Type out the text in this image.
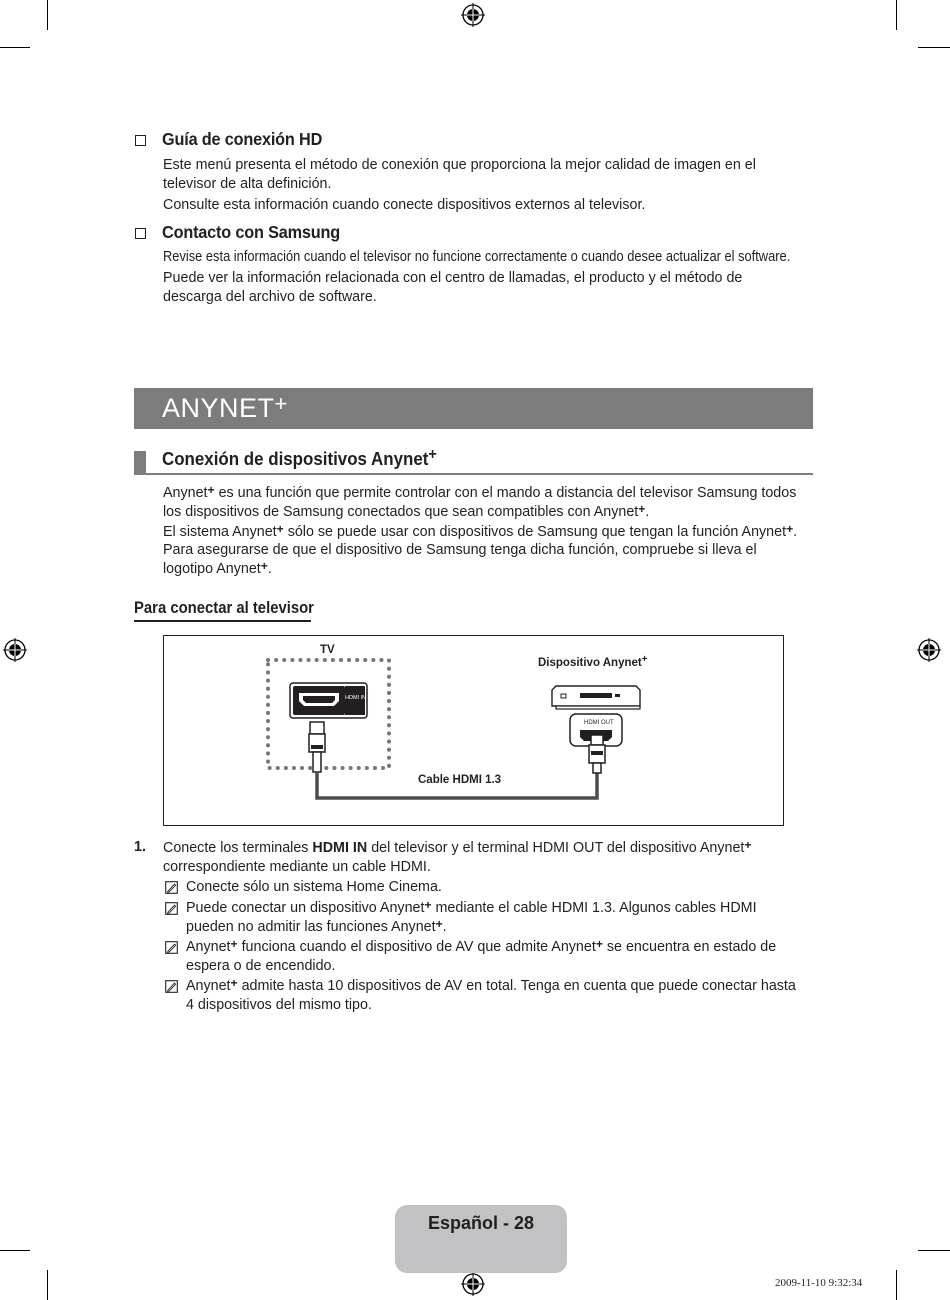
Guía de conexión HD
Este menú presenta el método de conexión que proporciona la mejor calidad de imagen en el
televisor de alta definición.
Consulte esta información cuando conecte dispositivos externos al televisor.
Contacto con Samsung
Revise esta información cuando el televisor no funcione correctamente o cuando desee actualizar el software.
Puede ver la información relacionada con el centro de llamadas, el producto y el método de
descarga del archivo de software.
ANYNET+
Conexión de dispositivos Anynet+
Anynet+ es una función que permite controlar con el mando a distancia del televisor Samsung todos
los dispositivos de Samsung conectados que sean compatibles con Anynet+.
El sistema Anynet+ sólo se puede usar con dispositivos de Samsung que tengan la función Anynet+.
Para asegurarse de que el dispositivo de Samsung tenga dicha función, compruebe si lleva el
logotipo Anynet+.
Para conectar al televisor
TV
Dispositivo Anynet+
HDMI IN
HDMI OUT
Cable HDMI 1.3
1. Conecte los terminales HDMI IN del televisor y el terminal HDMI OUT del dispositivo Anynet+
correspondiente mediante un cable HDMI.
Conecte sólo un sistema Home Cinema.
Puede conectar un dispositivo Anynet+ mediante el cable HDMI 1.3. Algunos cables HDMI
pueden no admitir las funciones Anynet+.
Anynet+ funciona cuando el dispositivo de AV que admite Anynet+ se encuentra en estado de
espera o de encendido.
Anynet+ admite hasta 10 dispositivos de AV en total. Tenga en cuenta que puede conectar hasta
4 dispositivos del mismo tipo.
Español - 28
2009-11-10 9:32:34
